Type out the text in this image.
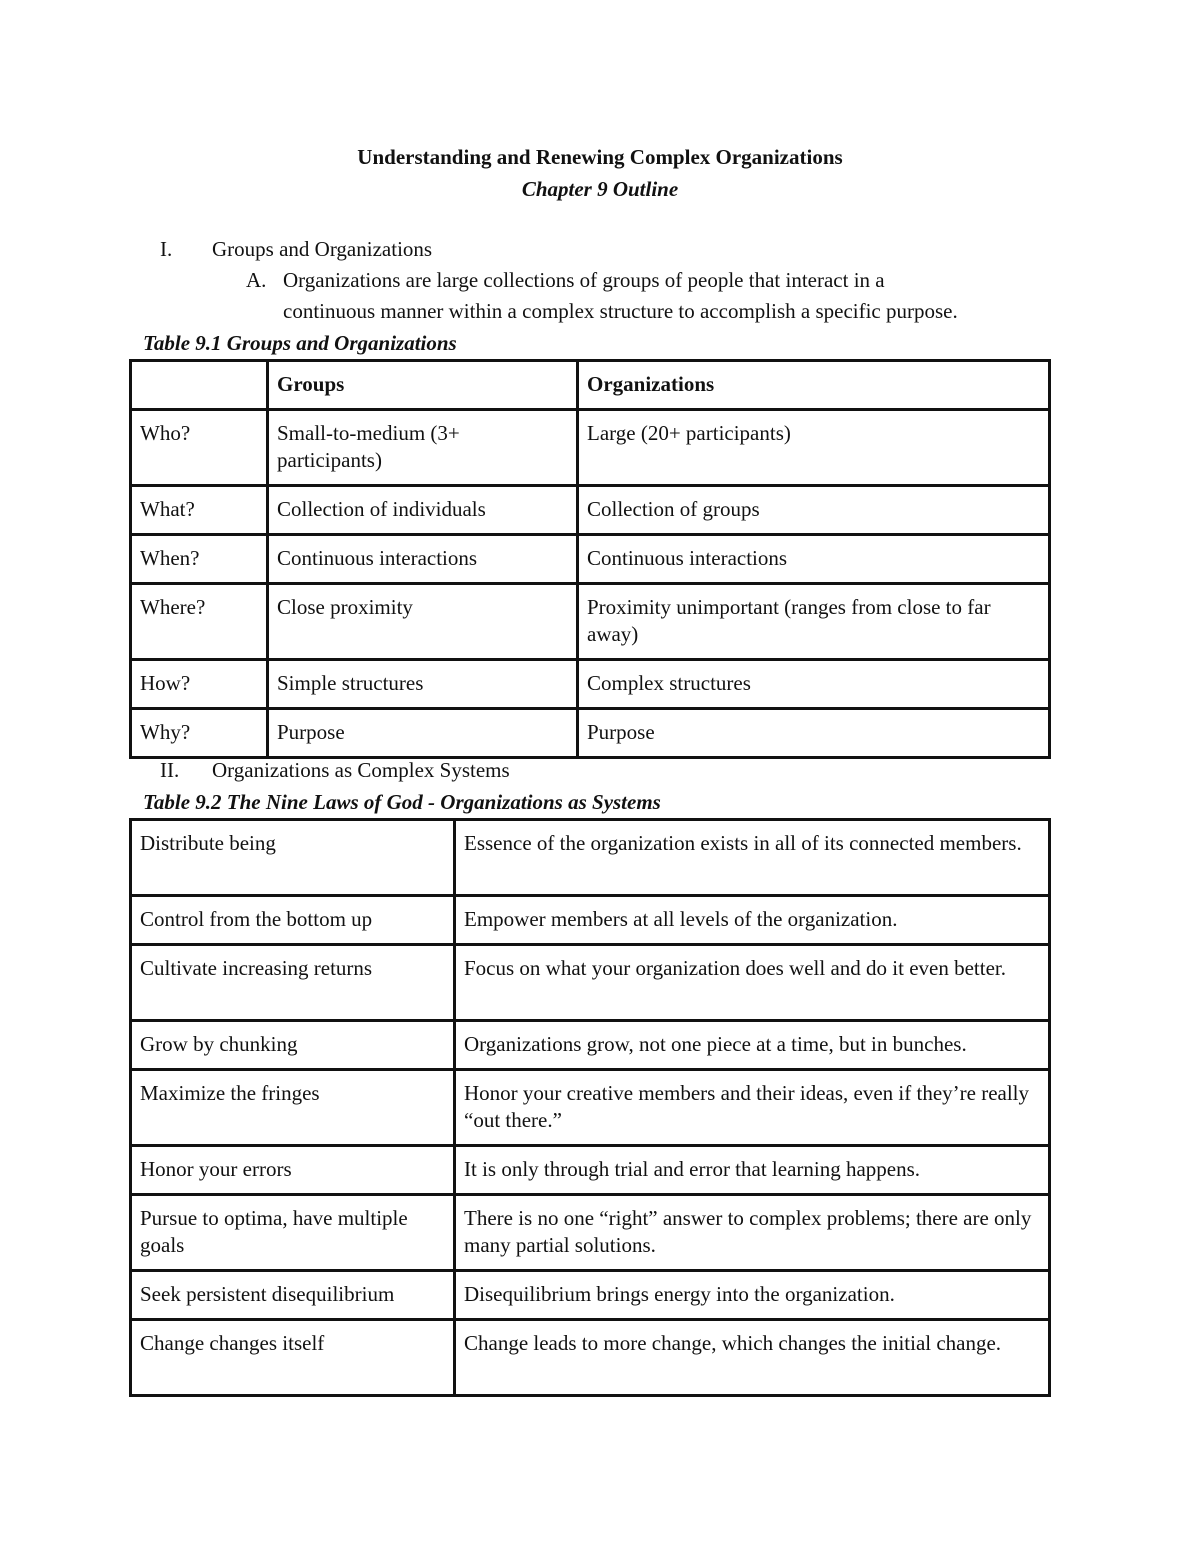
Understanding and Renewing Complex Organizations
Chapter 9 Outline
I. Groups and Organizations
A. Organizations are large collections of groups of people that interact in a
continuous manner within a complex structure to accomplish a specific purpose.
Table 9.1 Groups and Organizations
	Groups	Organizations
Who?	Small-to-medium (3+ participants)	Large (20+ participants)
What?	Collection of individuals	Collection of groups
When?	Continuous interactions	Continuous interactions
Where?	Close proximity	Proximity unimportant (ranges from close to far away)
How?	Simple structures	Complex structures
Why?	Purpose	Purpose
II. Organizations as Complex Systems
Table 9.2 The Nine Laws of God - Organizations as Systems
Distribute being	Essence of the organization exists in all of its connected members.
Control from the bottom up	Empower members at all levels of the organization.
Cultivate increasing returns	Focus on what your organization does well and do it even better.
Grow by chunking	Organizations grow, not one piece at a time, but in bunches.
Maximize the fringes	Honor your creative members and their ideas, even if they’re really “out there.”
Honor your errors	It is only through trial and error that learning happens.
Pursue to optima, have multiple goals	There is no one “right” answer to complex problems; there are only many partial solutions.
Seek persistent disequilibrium	Disequilibrium brings energy into the organization.
Change changes itself	Change leads to more change, which changes the initial change.
